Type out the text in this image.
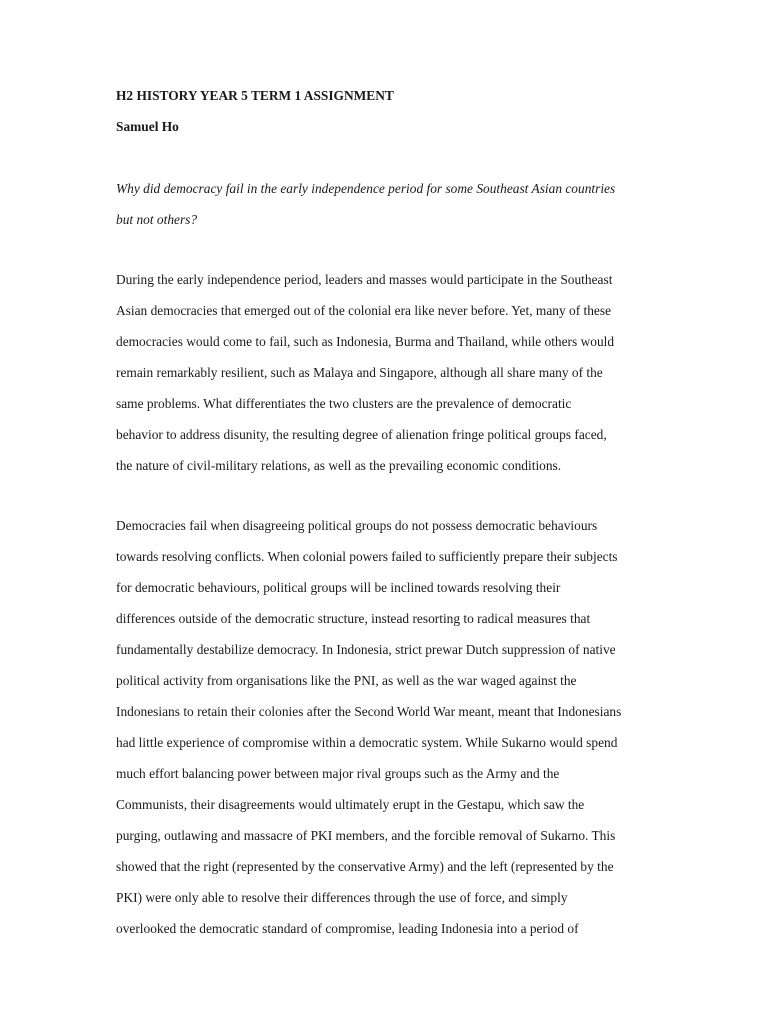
H2 HISTORY YEAR 5 TERM 1 ASSIGNMENT
Samuel Ho
Why did democracy fail in the early independence period for some Southeast Asian countries
but not others?
During the early independence period, leaders and masses would participate in the Southeast
Asian democracies that emerged out of the colonial era like never before. Yet, many of these
democracies would come to fail, such as Indonesia, Burma and Thailand, while others would
remain remarkably resilient, such as Malaya and Singapore, although all share many of the
same problems. What differentiates the two clusters are the prevalence of democratic
behavior to address disunity, the resulting degree of alienation fringe political groups faced,
the nature of civil-military relations, as well as the prevailing economic conditions.
Democracies fail when disagreeing political groups do not possess democratic behaviours
towards resolving conflicts. When colonial powers failed to sufficiently prepare their subjects
for democratic behaviours, political groups will be inclined towards resolving their
differences outside of the democratic structure, instead resorting to radical measures that
fundamentally destabilize democracy. In Indonesia, strict prewar Dutch suppression of native
political activity from organisations like the PNI, as well as the war waged against the
Indonesians to retain their colonies after the Second World War meant, meant that Indonesians
had little experience of compromise within a democratic system. While Sukarno would spend
much effort balancing power between major rival groups such as the Army and the
Communists, their disagreements would ultimately erupt in the Gestapu, which saw the
purging, outlawing and massacre of PKI members, and the forcible removal of Sukarno. This
showed that the right (represented by the conservative Army) and the left (represented by the
PKI) were only able to resolve their differences through the use of force, and simply
overlooked the democratic standard of compromise, leading Indonesia into a period of
